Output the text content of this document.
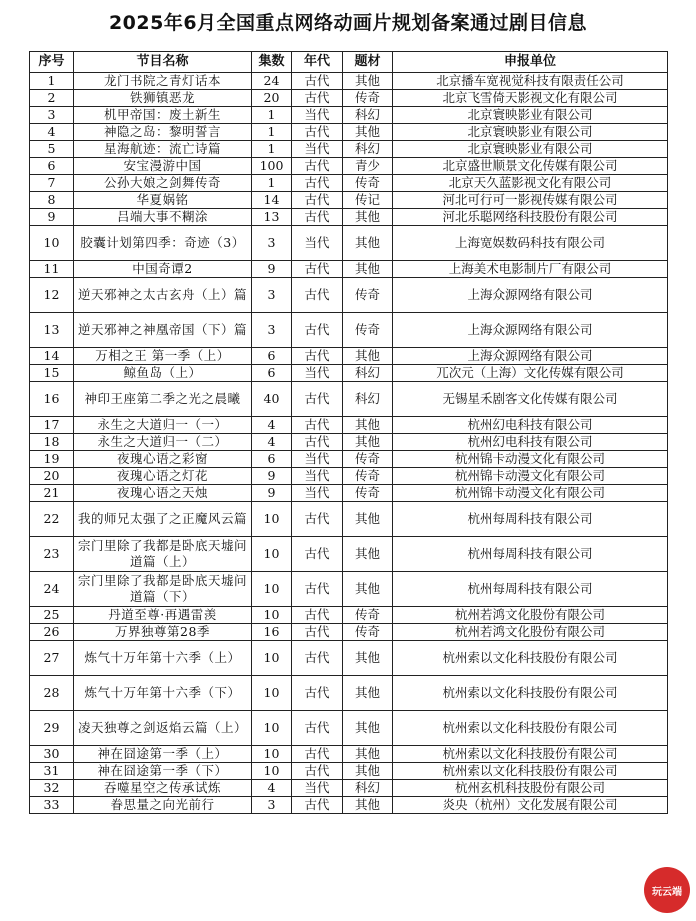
2025年6月全国重点网络动画片规划备案通过剧目信息
序号	节目名称	集数	年代	题材	申报单位
1	龙门书院之青灯话本	24	古代	其他	北京播车宽视觉科技有限责任公司
2	铁狮镇恶龙	20	古代	传奇	北京飞雪倚天影视文化有限公司
3	机甲帝国：废土新生	1	当代	科幻	北京寰映影业有限公司
4	神隐之岛：黎明誓言	1	古代	其他	北京寰映影业有限公司
5	星海航迹：流亡诗篇	1	当代	科幻	北京寰映影业有限公司
6	安宝漫游中国	100	古代	青少	北京盛世顺景文化传媒有限公司
7	公孙大娘之剑舞传奇	1	古代	传奇	北京天久蓝影视文化有限公司
8	华夏娲铭	14	古代	传记	河北可行可一影视传媒有限公司
9	吕端大事不糊涂	13	古代	其他	河北乐聪网络科技股份有限公司
10	胶囊计划第四季：奇迹（3）	3	当代	其他	上海宽娱数码科技有限公司
11	中国奇谭2	9	古代	其他	上海美术电影制片厂有限公司
12	逆天邪神之太古玄舟（上）篇	3	古代	传奇	上海众源网络有限公司
13	逆天邪神之神凰帝国（下）篇	3	古代	传奇	上海众源网络有限公司
14	万相之王 第一季（上）	6	古代	其他	上海众源网络有限公司
15	鲸鱼岛（上）	6	当代	科幻	兀次元（上海）文化传媒有限公司
16	神印王座第二季之光之晨曦	40	古代	科幻	无锡星禾剧客文化传媒有限公司
17	永生之大道归一（一）	4	古代	其他	杭州幻电科技有限公司
18	永生之大道归一（二）	4	古代	其他	杭州幻电科技有限公司
19	夜瑰心语之彩窗	6	当代	传奇	杭州锦卡动漫文化有限公司
20	夜瑰心语之灯花	9	当代	传奇	杭州锦卡动漫文化有限公司
21	夜瑰心语之天烛	9	当代	传奇	杭州锦卡动漫文化有限公司
22	我的师兄太强了之正魔风云篇	10	古代	其他	杭州每周科技有限公司
23	宗门里除了我都是卧底天墟问道篇（上）	10	古代	其他	杭州每周科技有限公司
24	宗门里除了我都是卧底天墟问道篇（下）	10	古代	其他	杭州每周科技有限公司
25	丹道至尊·再遇雷羡	10	古代	传奇	杭州若鸿文化股份有限公司
26	万界独尊第28季	16	古代	传奇	杭州若鸿文化股份有限公司
27	炼气十万年第十六季（上）	10	古代	其他	杭州索以文化科技股份有限公司
28	炼气十万年第十六季（下）	10	古代	其他	杭州索以文化科技股份有限公司
29	凌天独尊之剑返焰云篇（上）	10	古代	其他	杭州索以文化科技股份有限公司
30	神在囧途第一季（上）	10	古代	其他	杭州索以文化科技股份有限公司
31	神在囧途第一季（下）	10	古代	其他	杭州索以文化科技股份有限公司
32	吞噬星空之传承试炼	4	当代	科幻	杭州玄机科技股份有限公司
33	眷思量之向光前行	3	古代	其他	炎央（杭州）文化发展有限公司
玩云端
